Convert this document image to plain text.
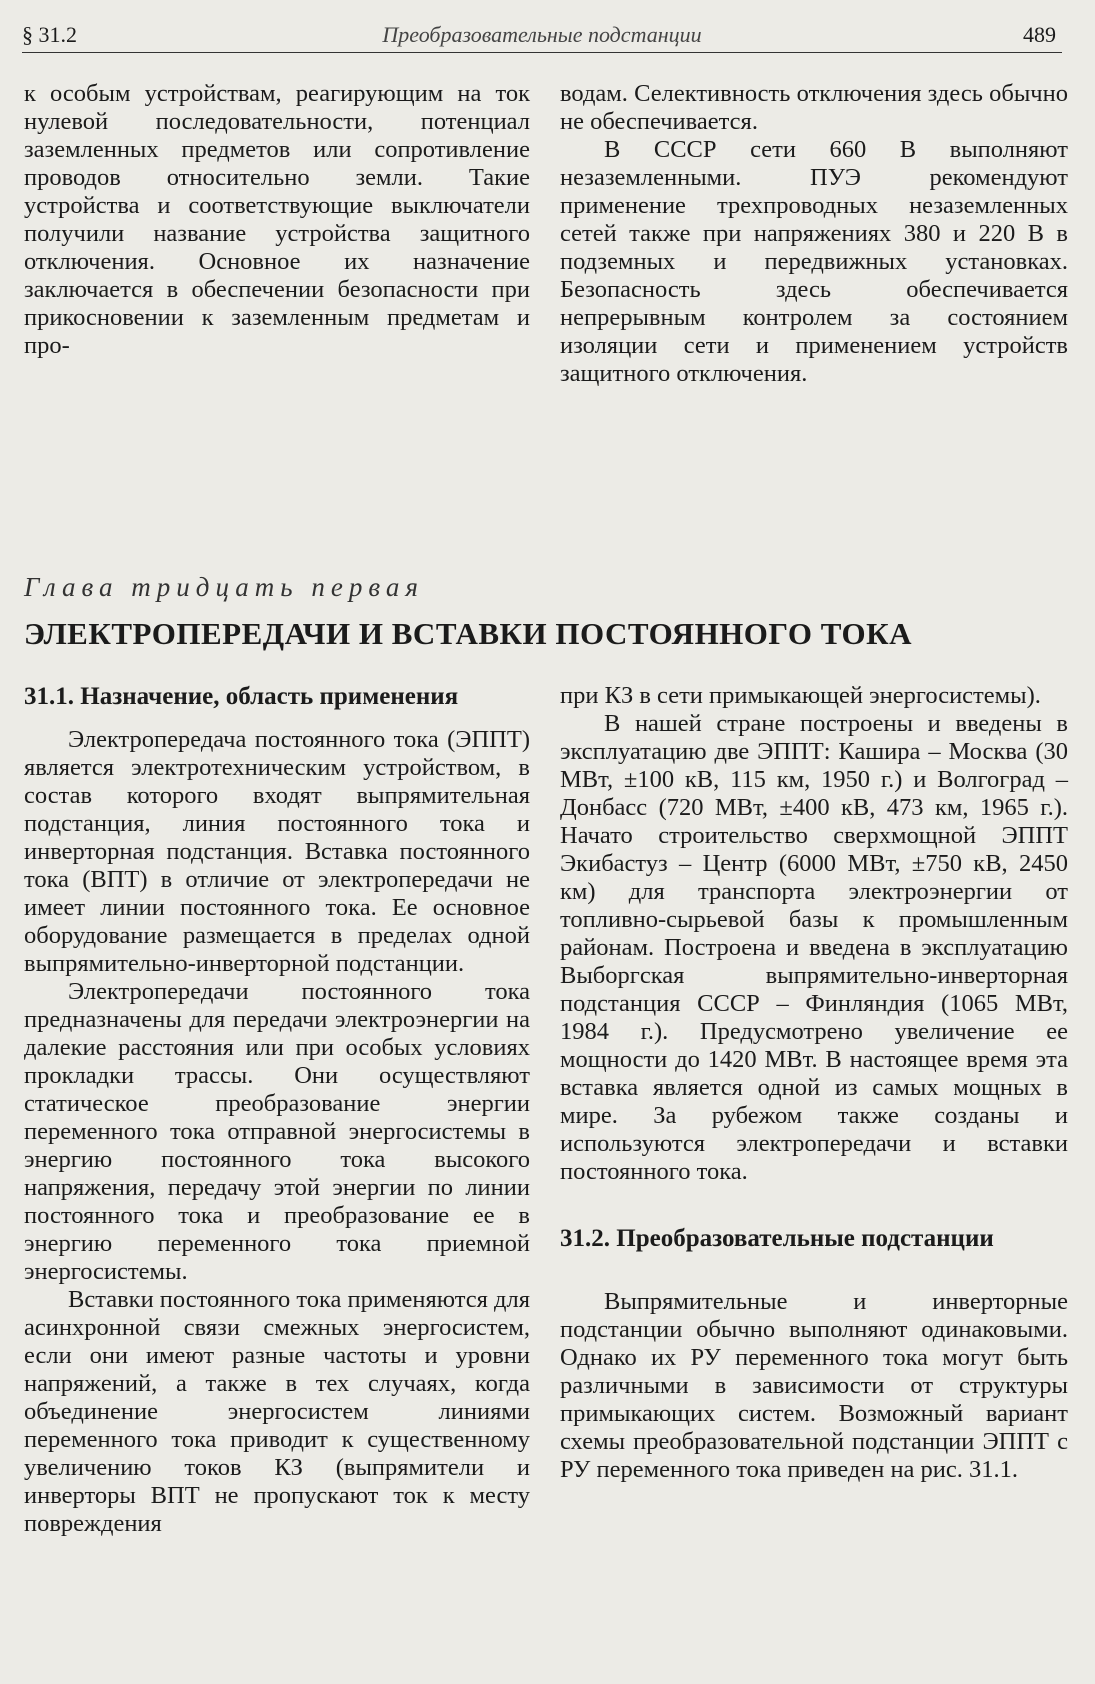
Преобразовательные подстанции
§ 31.2	489

к особым устройствам, реагирующим на ток нулевой последовательности, потенциал заземленных предметов или сопротивление проводов относительно земли. Такие устройства и соответствующие выключатели получили название устройства защитного отключения. Основное их назначение заключается в обеспечении безопасности при прикосновении к заземленным предметам и про-

водам. Селективность отключения здесь обычно не обеспечивается.

В СССР сети 660 В выполняют незаземленными. ПУЭ рекомендуют применение трехпроводных незаземленных сетей также при напряжениях 380 и 220 В в подземных и передвижных установках. Безопасность здесь обеспечивается непрерывным контролем за состоянием изоляции сети и применением устройств защитного отключения.

Глава тридцать первая
ЭЛЕКТРОПЕРЕДАЧИ И ВСТАВКИ ПОСТОЯННОГО ТОКА
31.1. Назначение, область применения

Электропередача постоянного тока (ЭППТ) является электротехническим устройством, в состав которого входят выпрямительная подстанция, линия постоянного тока и инверторная подстанция. Вставка постоянного тока (ВПТ) в отличие от электропередачи не имеет линии постоянного тока. Ее основное оборудование размещается в пределах одной выпрямительно-инверторной подстанции.

Электропередачи постоянного тока предназначены для передачи электроэнергии на далекие расстояния или при особых условиях прокладки трассы. Они осуществляют статическое преобразование энергии переменного тока отправной энергосистемы в энергию постоянного тока высокого напряжения, передачу этой энергии по линии постоянного тока и преобразование ее в энергию переменного тока приемной энергосистемы.

Вставки постоянного тока применяются для асинхронной связи смежных энергосистем, если они имеют разные частоты и уровни напряжений, а также в тех случаях, когда объединение энергосистем линиями переменного тока приводит к существенному увеличению токов КЗ (выпрямители и инверторы ВПТ не пропускают ток к месту повреждения

при КЗ в сети примыкающей энергосистемы).

В нашей стране построены и введены в эксплуатацию две ЭППТ: Кашира – Москва (30 МВт, ±100 кВ, 115 км, 1950 г.) и Волгоград – Донбасс (720 МВт, ±400 кВ, 473 км, 1965 г.). Начато строительство сверхмощной ЭППТ Экибастуз – Центр (6000 МВт, ±750 кВ, 2450 км) для транспорта электроэнергии от топливно-сырьевой базы к промышленным районам. Построена и введена в эксплуатацию Выборгская выпрямительно-инверторная подстанция СССР – Финляндия (1065 МВт, 1984 г.). Предусмотрено увеличение ее мощности до 1420 МВт. В настоящее время эта вставка является одной из самых мощных в мире. За рубежом также созданы и используются электропередачи и вставки постоянного тока.

31.2. Преобразовательные подстанции

Выпрямительные и инверторные подстанции обычно выполняют одинаковыми. Однако их РУ переменного тока могут быть различными в зависимости от структуры примыкающих систем. Возможный вариант схемы преобразовательной подстанции ЭППТ с РУ переменного тока приведен на рис. 31.1.
